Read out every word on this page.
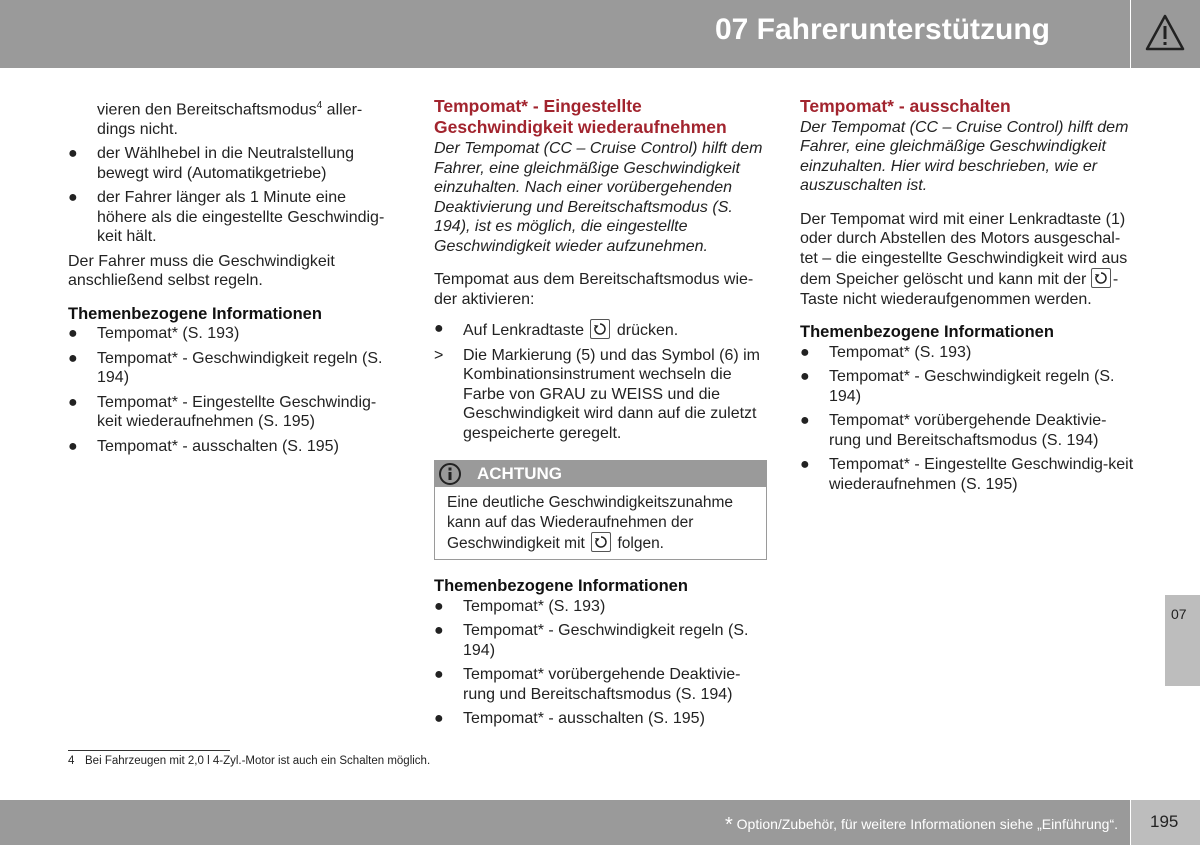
07 Fahrerunterstützung

vieren den Bereitschaftsmodus$^4$ aller-
dings nicht.

● der Wählhebel in die Neutralstellung bewegt wird (Automatikgetriebe)
● der Fahrer länger als 1 Minute eine höhere als die eingestellte Geschwindig-keit hält.

Der Fahrer muss die Geschwindigkeit anschließend selbst regeln.

Themenbezogene Informationen
● Tempomat* (S. 193)
● Tempomat* - Geschwindigkeit regeln (S. 194)
● Tempomat* - Eingestellte Geschwindig-keit wiederaufnehmen (S. 195)
● Tempomat* - ausschalten (S. 195)
Tempomat* - Eingestellte Geschwindigkeit wiederaufnehmen

Der Tempomat (CC – Cruise Control) hilft dem Fahrer, eine gleichmäßige Geschwindigkeit einzuhalten. Nach einer vorübergehenden Deaktivierung und Bereitschaftsmodus (S. 194), ist es möglich, die eingestellte Geschwindigkeit wieder aufzunehmen.

Tempomat aus dem Bereitschaftsmodus wie-der aktivieren:

● Auf Lenkradtaste drücken.
> Die Markierung (5) und das Symbol (6) im Kombinationsinstrument wechseln die Farbe von GRAU zu WEISS und die Geschwindigkeit wird dann auf die zuletzt gespeicherte geregelt.
ACHTUNG
Eine deutliche Geschwindigkeitszunahme kann auf das Wiederaufnehmen der Geschwindigkeit mit folgen.
Themenbezogene Informationen
● Tempomat* (S. 193)
● Tempomat* - Geschwindigkeit regeln (S. 194)
● Tempomat* vorübergehende Deaktivie-rung und Bereitschaftsmodus (S. 194)
● Tempomat* - ausschalten (S. 195)
Tempomat* - ausschalten

Der Tempomat (CC – Cruise Control) hilft dem Fahrer, eine gleichmäßige Geschwindigkeit einzuhalten. Hier wird beschrieben, wie er auszuschalten ist.

Der Tempomat wird mit einer Lenkradtaste (1) oder durch Abstellen des Motors ausgeschal-tet – die eingestellte Geschwindigkeit wird aus dem Speicher gelöscht und kann mit der -Taste nicht wiederaufgenommen werden.

Themenbezogene Informationen
● Tempomat* (S. 193)
● Tempomat* - Geschwindigkeit regeln (S. 194)
● Tempomat* vorübergehende Deaktivie-rung und Bereitschaftsmodus (S. 194)
● Tempomat* - Eingestellte Geschwindig-keit wiederaufnehmen (S. 195)
07
4 Bei Fahrzeugen mit 2,0 l 4-Zyl.-Motor ist auch ein Schalten möglich.
* Option/Zubehör, für weitere Informationen siehe „Einführung“. 195
